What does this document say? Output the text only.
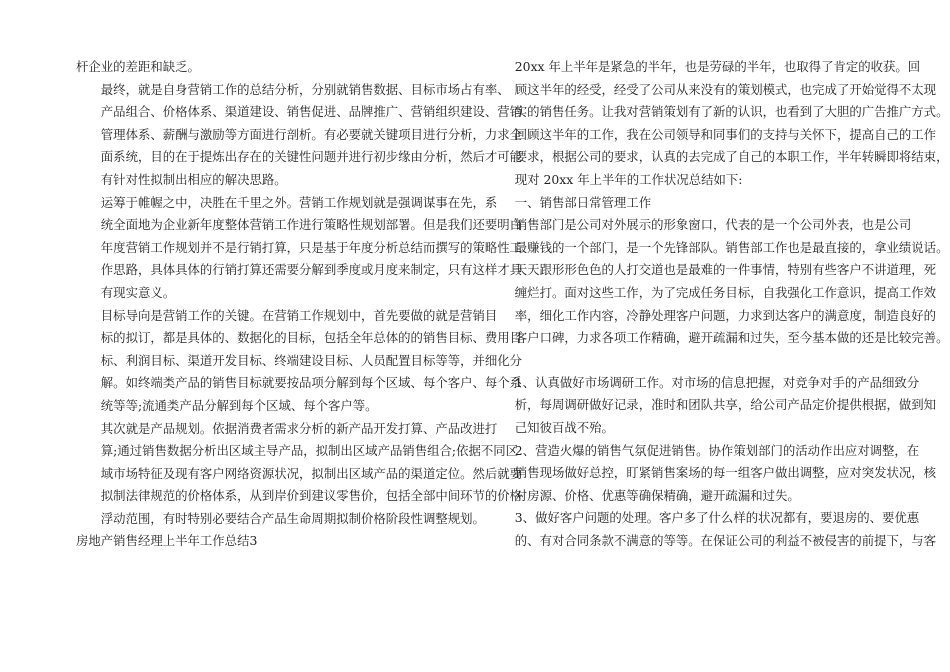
杆企业的差距和缺乏。

最终，就是自身营销工作的总结分析，分别就销售数据、目标市场占有率、
产品组合、价格体系、渠道建设、销售促进、品牌推广、营销组织建设、营销
管理体系、薪酬与激励等方面进行剖析。有必要就关键项目进行分析，力求全
面系统，目的在于提炼出存在的关键性问题并进行初步缘由分析，然后才可能
有针对性拟制出相应的解决思路。

运筹于帷幄之中，决胜在千里之外。营销工作规划就是强调谋事在先，系
统全面地为企业新年度整体营销工作进行策略性规划部署。但是我们还要明白
年度营销工作规划并不是行销打算，只是基于年度分析总结而撰写的策略性工
作思路，具体具体的行销打算还需要分解到季度或月度来制定，只有这样才具
有现实意义。

目标导向是营销工作的关键。在营销工作规划中，首先要做的就是营销目
标的拟订，都是具体的、数据化的目标，包括全年总体的的销售目标、费用目
标、利润目标、渠道开发目标、终端建设目标、人员配置目标等等，并细化分
解。如终端类产品的销售目标就要按品项分解到每个区域、每个客户、每个系
统等等;流通类产品分解到每个区域、每个客户等。

其次就是产品规划。依据消费者需求分析的新产品开发打算、产品改进打
算;通过销售数据分析出区域主导产品，拟制出区域产品销售组合;依据不同区
域市场特征及现有客户网络资源状况，拟制出区域产品的渠道定位。然后就要
拟制法律规范的价格体系，从到岸价到建议零售价，包括全部中间环节的价格
浮动范围，有时特别必要结合产品生命周期拟制价格阶段性调整规划。

房地产销售经理上半年工作总结3

20xx 年上半年是紧急的半年，也是劳碌的半年，也取得了肯定的收获。回
顾这半年的经受，经受了公司从来没有的策划模式，也完成了开始觉得不太现
实的销售任务。让我对营销策划有了新的认识，也看到了大胆的广告推广方式。
回顾这半年的工作，我在公司领导和同事们的支持与关怀下，提高自己的工作
要求，根据公司的要求，认真的去完成了自己的本职工作，半年转瞬即将结束，
现对 20xx 年上半年的工作状况总结如下:

一、销售部日常管理工作

销售部门是公司对外展示的形象窗口，代表的是一个公司外表，也是公司
最赚钱的一个部门，是一个先锋部队。销售部工作也是最直接的，拿业绩说话。
天天跟形形色色的人打交道也是最难的一件事情，特别有些客户不讲道理，死
缠烂打。面对这些工作，为了完成任务目标，自我强化工作意识，提高工作效
率，细化工作内容，冷静处理客户问题，力求到达客户的满意度，制造良好的
客户口碑，力求各项工作精确，避开疏漏和过失，至今基本做的还是比较完善。

1、认真做好市场调研工作。对市场的信息把握，对竞争对手的产品细致分
析，每周调研做好记录，准时和团队共享，给公司产品定价提供根据，做到知
己知彼百战不殆。

2、营造火爆的销售气氛促进销售。协作策划部门的活动作出应对调整，在
销售现场做好总控，盯紧销售案场的每一组客户做出调整，应对突发状况，核
对房源、价格、优惠等确保精确，避开疏漏和过失。

3、做好客户问题的处理。客户多了什么样的状况都有，要退房的、要优惠
的、有对合同条款不满意的等等。在保证公司的利益不被侵害的前提下，与客
